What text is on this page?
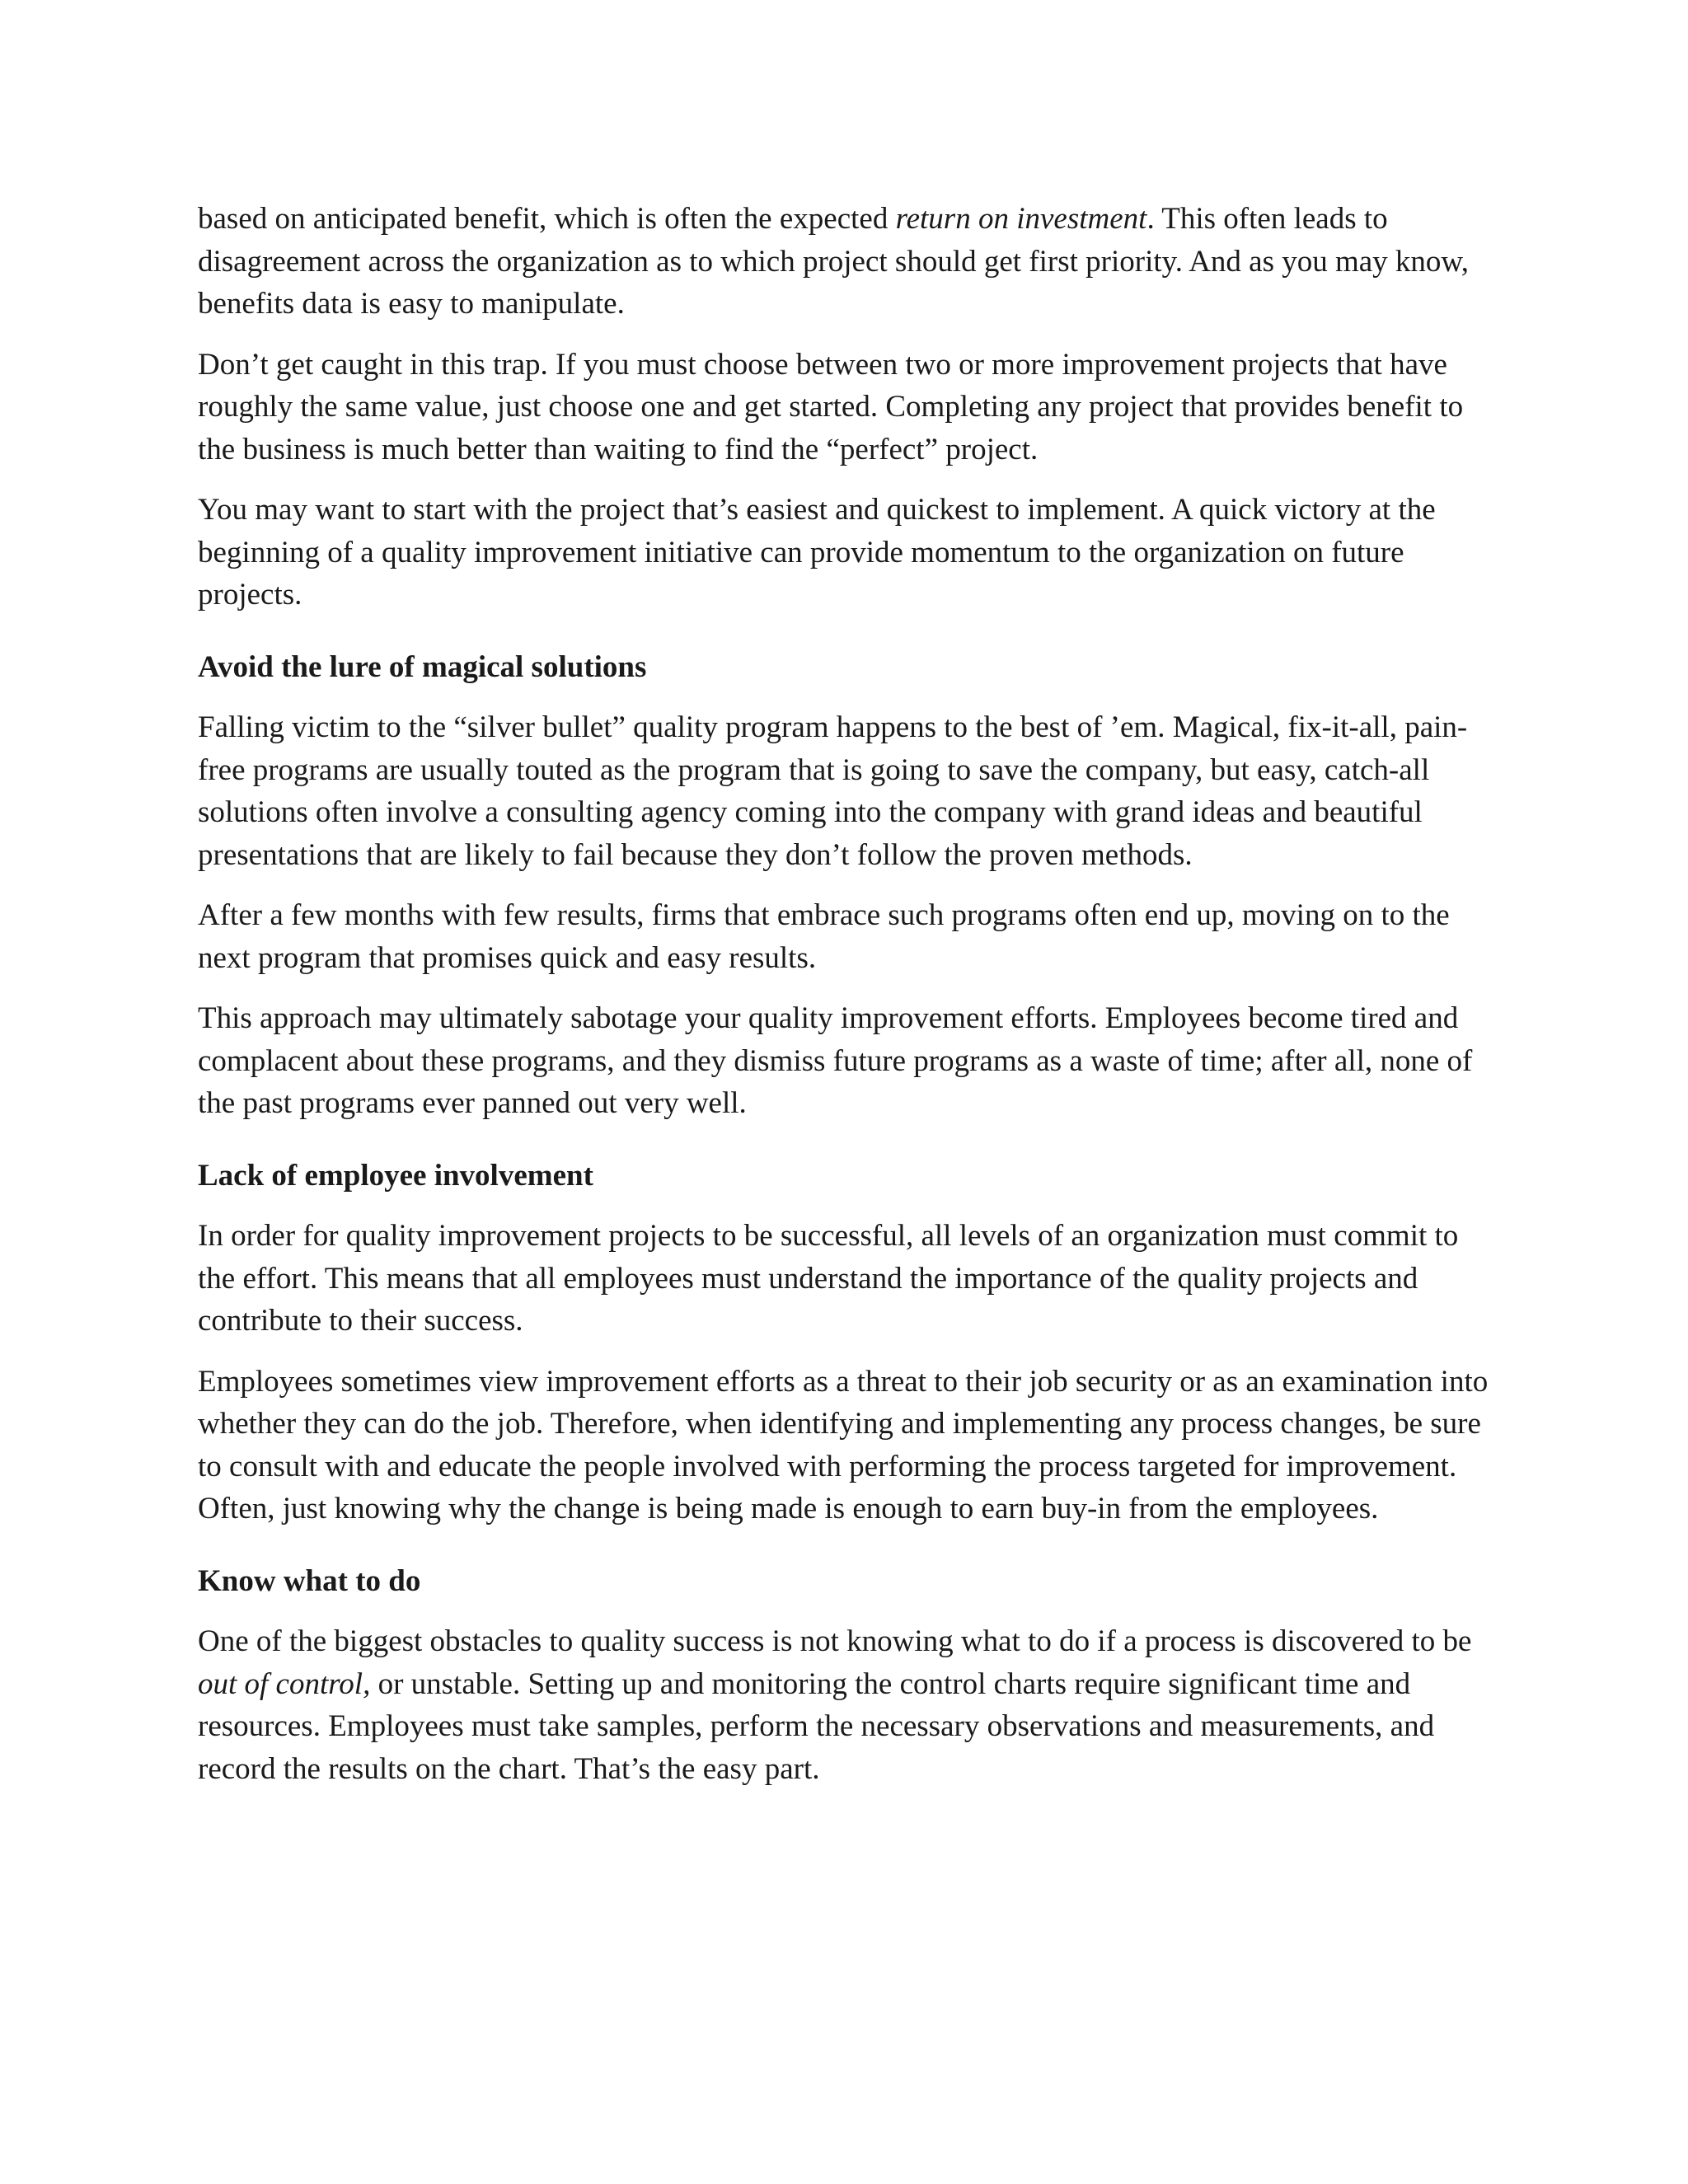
based on anticipated benefit, which is often the expected return on investment. This often leads to disagreement across the organization as to which project should get first priority. And as you may know, benefits data is easy to manipulate.

Don’t get caught in this trap. If you must choose between two or more improvement projects that have roughly the same value, just choose one and get started. Completing any project that provides benefit to the business is much better than waiting to find the “perfect” project.

You may want to start with the project that’s easiest and quickest to implement. A quick victory at the beginning of a quality improvement initiative can provide momentum to the organization on future projects.

Avoid the lure of magical solutions

Falling victim to the “silver bullet” quality program happens to the best of ’em. Magical, fix-it-all, pain-free programs are usually touted as the program that is going to save the company, but easy, catch-all solutions often involve a consulting agency coming into the company with grand ideas and beautiful presentations that are likely to fail because they don’t follow the proven methods.

After a few months with few results, firms that embrace such programs often end up, moving on to the next program that promises quick and easy results.

This approach may ultimately sabotage your quality improvement efforts. Employees become tired and complacent about these programs, and they dismiss future programs as a waste of time; after all, none of the past programs ever panned out very well.

Lack of employee involvement

In order for quality improvement projects to be successful, all levels of an organization must commit to the effort. This means that all employees must understand the importance of the quality projects and contribute to their success.

Employees sometimes view improvement efforts as a threat to their job security or as an examination into whether they can do the job. Therefore, when identifying and implementing any process changes, be sure to consult with and educate the people involved with performing the process targeted for improvement. Often, just knowing why the change is being made is enough to earn buy-in from the employees.

Know what to do

One of the biggest obstacles to quality success is not knowing what to do if a process is discovered to be out of control, or unstable. Setting up and monitoring the control charts require significant time and resources. Employees must take samples, perform the necessary observations and measurements, and record the results on the chart. That’s the easy part.
